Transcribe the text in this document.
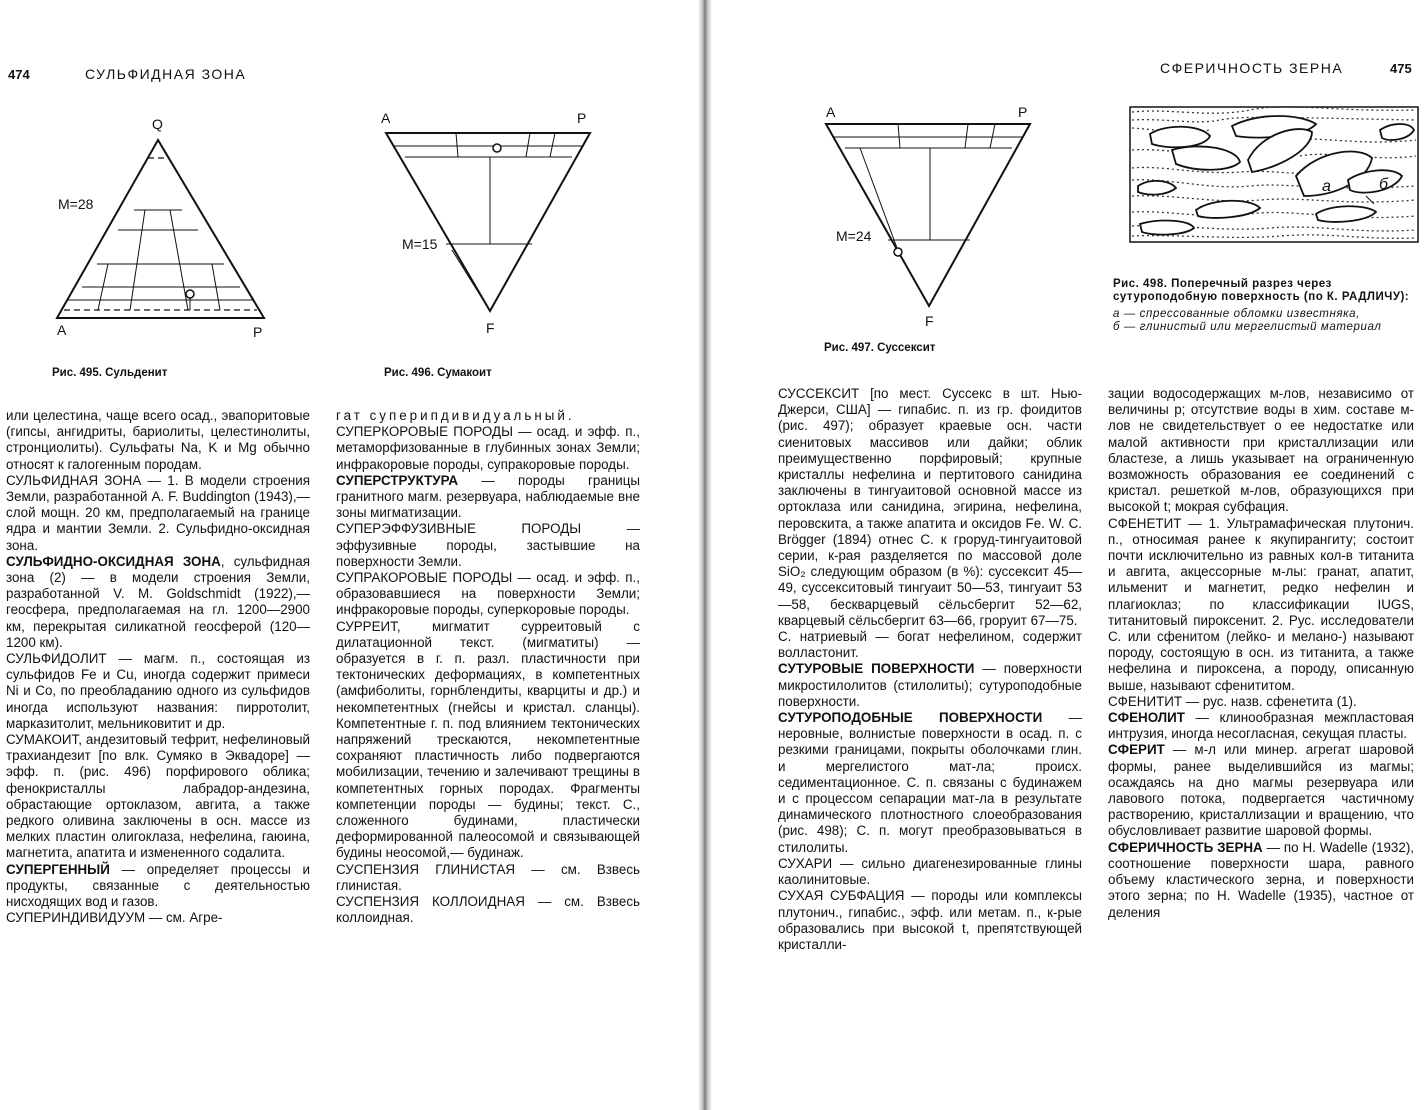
474	СУЛЬФИДНАЯ ЗОНА
Q
M=28
A	P
Рис. 495. Сульденит
A	P
M=15
F
Рис. 496. Сумакоит

или целестина, чаще всего осад., эвапоритовые (гипсы, ангидриты, бариолиты, целестинолиты, стронциолиты). Сульфаты Na, K и Mg обычно относят к галогенным породам.

СУЛЬФИДНАЯ ЗОНА — 1. В модели строения Земли, разработанной A. F. Buddington (1943),— слой мощн. 20 км, предполагаемый на границе ядра и мантии Земли. 2. Сульфидно-оксидная зона.

СУЛЬФИДНО-ОКСИДНАЯ ЗОНА, сульфидная зона (2) — в модели строения Земли, разработанной V. M. Goldschmidt (1922),— геосфера, предполагаемая на гл. 1200—2900 км, перекрытая силикатной геосферой (120—1200 км).

СУЛЬФИДОЛИТ — магм. п., состоящая из сульфидов Fe и Cu, иногда содержит примеси Ni и Co, по преобладанию одного из сульфидов иногда используют названия: пирротолит, марказитолит, мельниковитит и др.

СУМАКОИТ, андезитовый тефрит, нефелиновый трахиандезит [по влк. Сумяко в Эквадоре] — эфф. п. (рис. 496) порфирового облика; фенокристаллы лабрадор-андезина, обрастающие ортоклазом, авгита, а также редкого оливина заключены в осн. массе из мелких пластин олигоклаза, нефелина, гаюина, магнетита, апатита и измененного содалита.

СУПЕРГЕННЫЙ — определяет процессы и продукты, связанные с деятельностью нисходящих вод и газов.

СУПЕРИНДИВИДУУМ — см. Агре-

гат суперипдивидуальный.

СУПЕРКОРОВЫЕ ПОРОДЫ — осад. и эфф. п., метаморфизованные в глубинных зонах Земли; инфракоровые породы, супракоровые породы.

СУПЕРСТРУКТУРА — породы границы гранитного магм. резервуара, наблюдаемые вне зоны мигматизации.

СУПЕРЭФФУЗИВНЫЕ ПОРОДЫ — эффузивные породы, застывшие на поверхности Земли.

СУПРАКОРОВЫЕ ПОРОДЫ — осад. и эфф. п., образовавшиеся на поверхности Земли; инфракоровые породы, суперкоровые породы.

СУРРЕИТ, мигматит сурреитовый с дилатационной текст. (мигматиты) — образуется в г. п. разл. пластичности при тектонических деформациях, в компетентных (амфиболиты, горнблендиты, кварциты и др.) и некомпетентных (гнейсы и кристал. сланцы). Компетентные г. п. под влиянием тектонических напряжений трескаются, некомпетентные сохраняют пластичность либо подвергаются мобилизации, течению и залечивают трещины в компетентных горных породах. Фрагменты компетенции породы — будины; текст. С., сложенного будинами, пластически деформированной палеосомой и связывающей будины неосомой,— будинаж.

СУСПЕНЗИЯ ГЛИНИСТАЯ — см. Взвесь глинистая.

СУСПЕНЗИЯ КОЛЛОИДНАЯ — см. Взвесь коллоидная.

СФЕРИЧНОСТЬ ЗЕРНА	475
A	P
M=24
F
Рис. 497. Суссексит
а	б
Рис. 498. Поперечный разрез через сутуроподобную поверхность (по К. РАДЛИЧУ):
а — спрессованные обломки известняка,
б — глинистый или мергелистый материал

СУССЕКСИТ [по мест. Суссекс в шт. Нью-Джерси, США] — гипабис. п. из гр. фоидитов (рис. 497); образует краевые осн. части сиенитовых массивов или дайки; облик преимущественно порфировый; крупные кристаллы нефелина и пертитового санидина заключены в тингуаитовой основной массе из ортоклаза или санидина, эгирина, нефелина, перовскита, а также апатита и оксидов Fe. W. C. Brögger (1894) отнес С. к гроруд-тингуаитовой серии, к-рая разделяется по массовой доле SiO₂ следующим образом (в %): суссексит 45—49, суссекситовый тингуаит 50—53, тингуаит 53—58, бескварцевый сёльсбергит 52—62, кварцевый сёльсбергит 63—66, гроруит 67—75.

С. натриевый — богат нефелином, содержит волластонит.

СУТУРОВЫЕ ПОВЕРХНОСТИ — поверхности микростилолитов (стилолиты); сутуроподобные поверхности.

СУТУРОПОДОБНЫЕ ПОВЕРХНОСТИ — неровные, волнистые поверхности в осад. п. с резкими границами, покрыты оболочками глин. и мергелистого мат-ла; происх. седиментационное. С. п. связаны с будинажем и с процессом сепарации мат-ла в результате динамического плотностного слоеобразования (рис. 498); С. п. могут преобразовываться в стилолиты.

СУХАРИ — сильно диагенезированные глины каолинитовые.

СУХАЯ СУБФАЦИЯ — породы или комплексы плутонич., гипабис., эфф. или метам. п., к-рые образовались при высокой t, препятствующей кристалли-

зации водосодержащих м-лов, независимо от величины p; отсутствие воды в хим. составе м-лов не свидетельствует о ее недостатке или малой активности при кристаллизации или бластезе, а лишь указывает на ограниченную возможность образования ее соединений с кристал. решеткой м-лов, образующихся при высокой t; мокрая субфация.

СФЕНЕТИТ — 1. Ультрамафическая плутонич. п., относимая ранее к якупирангиту; состоит почти исключительно из равных кол-в титанита и авгита, акцессорные м-лы: гранат, апатит, ильменит и магнетит, редко нефелин и плагиоклаз; по классификации IUGS, титанитовый пироксенит. 2. Рус. исследователи С. или сфенитом (лейко- и мелано-) называют породу, состоящую в осн. из титанита, а также нефелина и пироксена, а породу, описанную выше, называют сфенититом.

СФЕНИТИТ — рус. назв. сфенетита (1).

СФЕНОЛИТ — клинообразная межпластовая интрузия, иногда несогласная, секущая пласты.

СФЕРИТ — м-л или минер. агрегат шаровой формы, ранее выделившийся из магмы; осаждаясь на дно магмы резервуара или лавового потока, подвергается частичному растворению, кристаллизации и вращению, что обусловливает развитие шаровой формы.

СФЕРИЧНОСТЬ ЗЕРНА — по H. Wadelle (1932), соотношение поверхности шара, равного объему кластического зерна, и поверхности этого зерна; по H. Wadelle (1935), частное от деления
